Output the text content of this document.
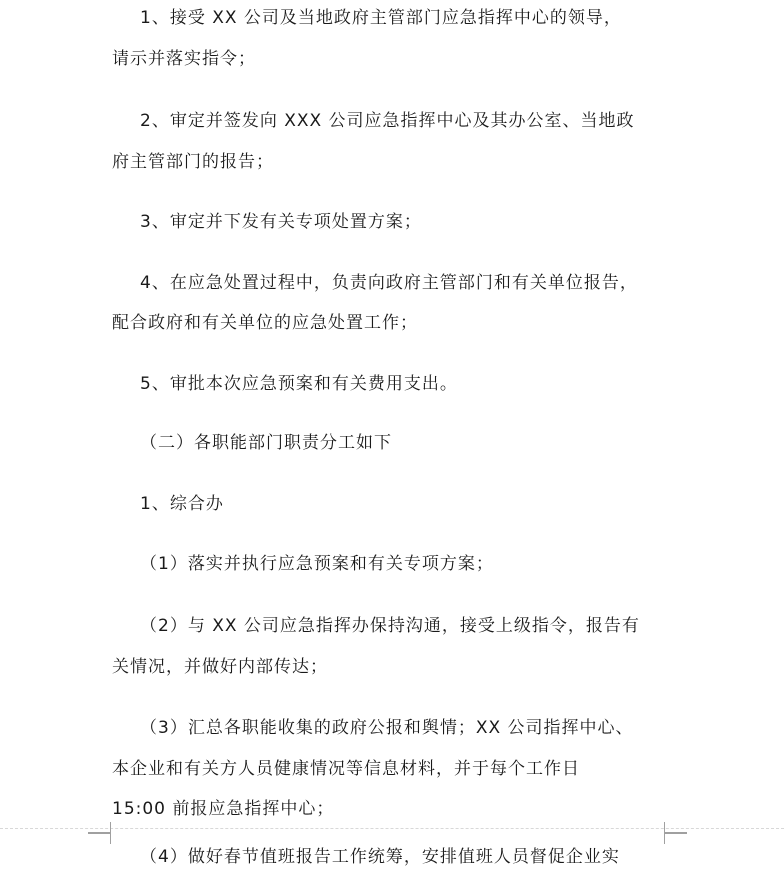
1、接受 XX 公司及当地政府主管部门应急指挥中心的领导，
请示并落实指令；
2、审定并签发向 XXX 公司应急指挥中心及其办公室、当地政
府主管部门的报告；
3、审定并下发有关专项处置方案；
4、在应急处置过程中，负责向政府主管部门和有关单位报告，
配合政府和有关单位的应急处置工作；
5、审批本次应急预案和有关费用支出。
（二）各职能部门职责分工如下
1、综合办
（1）落实并执行应急预案和有关专项方案；
（2）与 XX 公司应急指挥办保持沟通，接受上级指令，报告有
关情况，并做好内部传达；
（3）汇总各职能收集的政府公报和舆情；XX 公司指挥中心、
本企业和有关方人员健康情况等信息材料，并于每个工作日
15:00 前报应急指挥中心；
（4）做好春节值班报告工作统筹，安排值班人员督促企业实
